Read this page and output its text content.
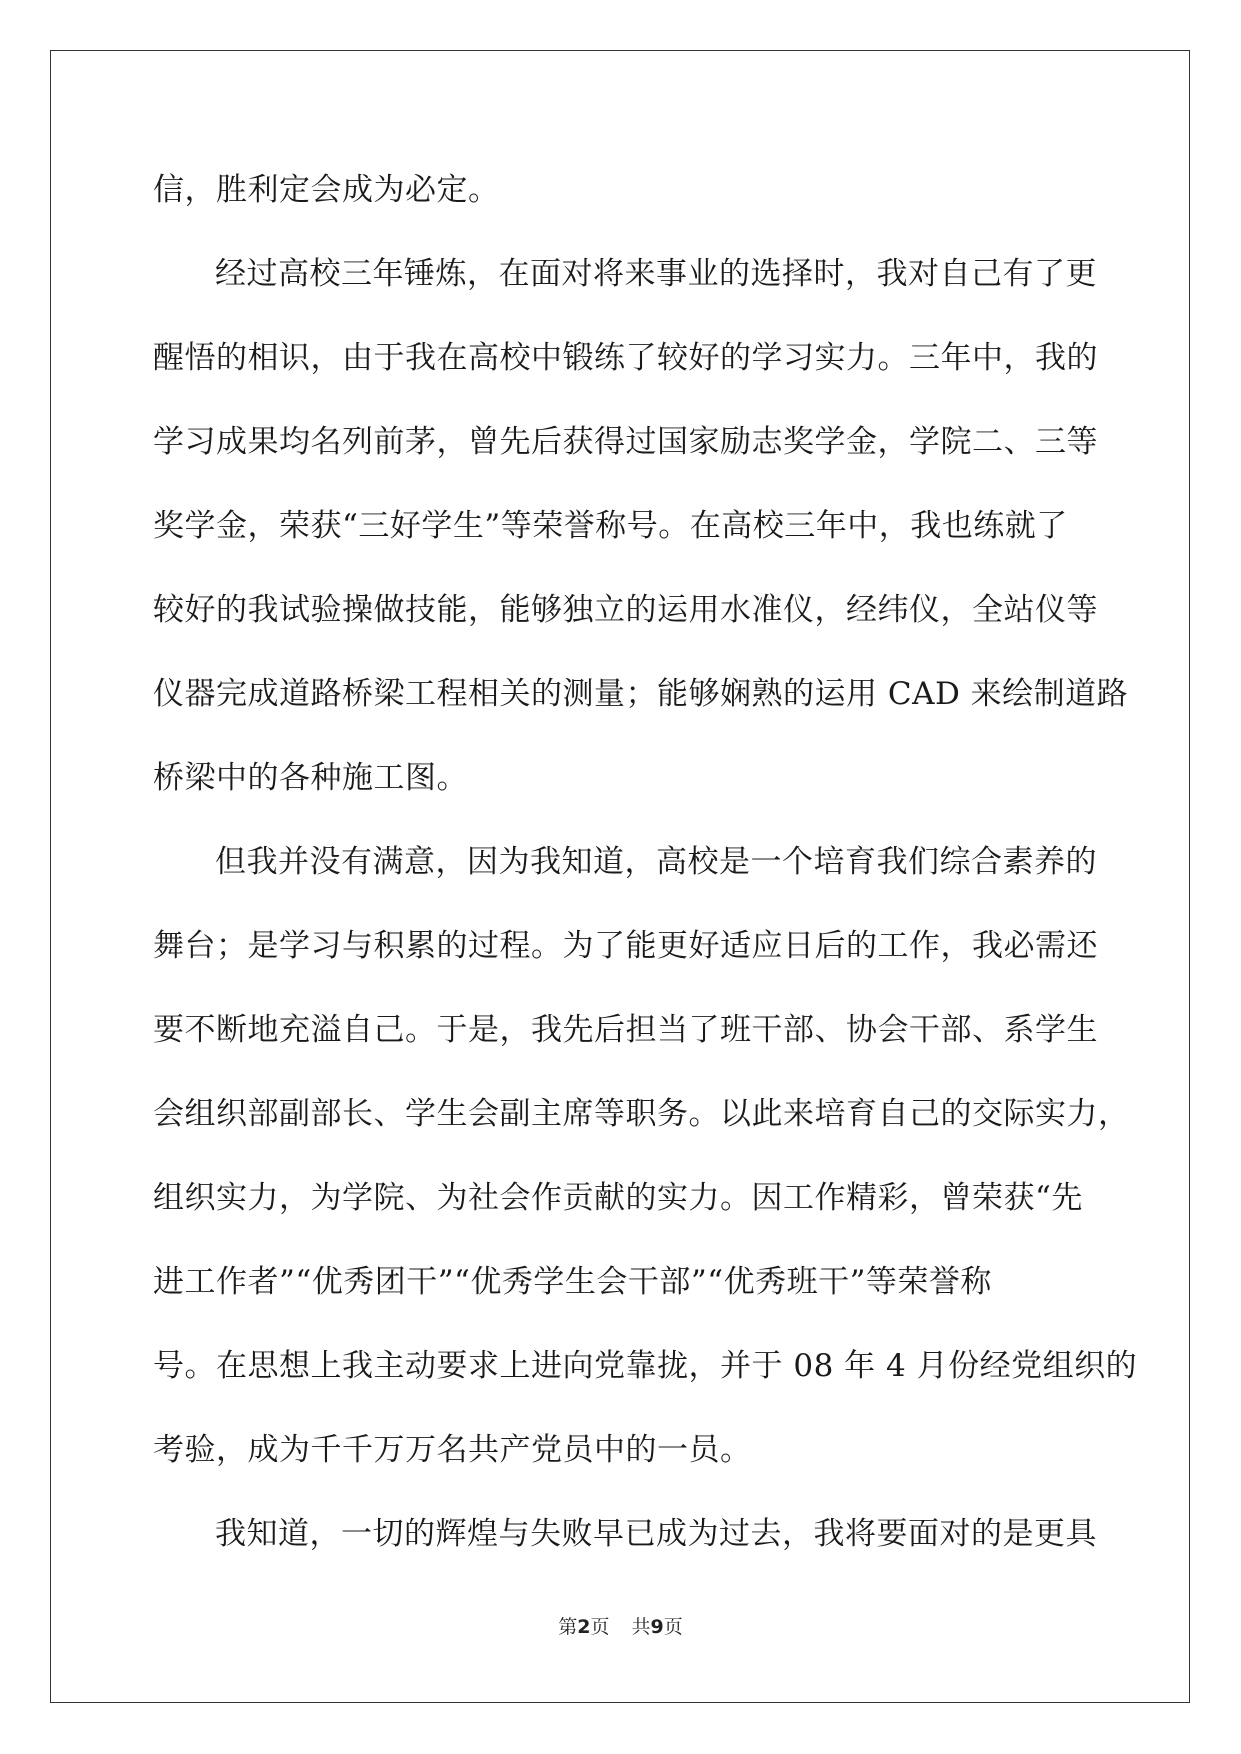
信，胜利定会成为必定。
经过高校三年锤炼，在面对将来事业的选择时，我对自己有了更
醒悟的相识，由于我在高校中锻练了较好的学习实力。三年中，我的
学习成果均名列前茅，曾先后获得过国家励志奖学金，学院二、三等
奖学金，荣获“三好学生”等荣誉称号。在高校三年中，我也练就了
较好的我试验操做技能，能够独立的运用水准仪，经纬仪，全站仪等
仪器完成道路桥梁工程相关的测量；能够娴熟的运用 CAD 来绘制道路
桥梁中的各种施工图。
但我并没有满意，因为我知道，高校是一个培育我们综合素养的
舞台；是学习与积累的过程。为了能更好适应日后的工作，我必需还
要不断地充溢自己。于是，我先后担当了班干部、协会干部、系学生
会组织部副部长、学生会副主席等职务。以此来培育自己的交际实力，
组织实力，为学院、为社会作贡献的实力。因工作精彩，曾荣获“先
进工作者”“优秀团干”“优秀学生会干部”“优秀班干”等荣誉称
号。在思想上我主动要求上进向党靠拢，并于 08 年 4 月份经党组织的
考验，成为千千万万名共产党员中的一员。
我知道，一切的辉煌与失败早已成为过去，我将要面对的是更具
第2页 共9页
